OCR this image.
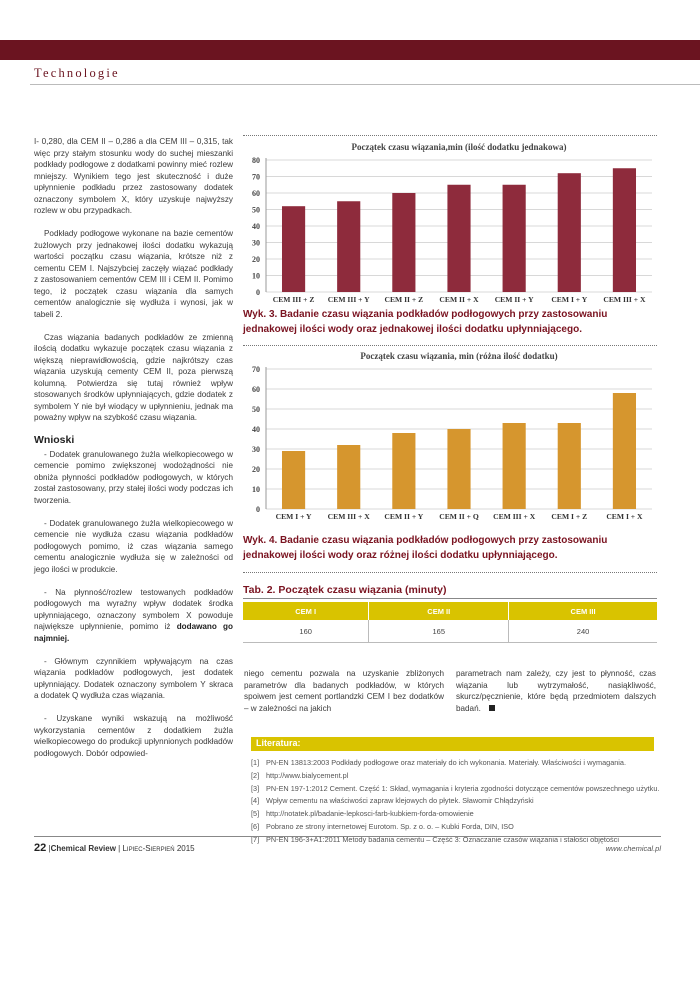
Technologie

I- 0,280, dla CEM II – 0,286 a dla CEM III – 0,315, tak więc przy stałym stosunku wody do suchej mieszanki podkłady podłogowe z dodatkami powinny mieć rozlew mniejszy. Wynikiem tego jest skuteczność i duże upłynnienie podkładu przez zastosowany dodatek oznaczony symbolem X, który uzyskuje najwyższy rozlew w obu przypadkach.

Podkłady podłogowe wykonane na bazie cementów żużlowych przy jednakowej ilości dodatku wykazują wartości początku czasu wiązania, krótsze niż z cementu CEM I. Najszybciej zaczęły wiązać podkłady z zastosowaniem cementów CEM III i CEM II. Pomimo tego, iż początek czasu wiązania dla samych cementów analogicznie się wydłuża i wynosi, jak w tabeli 2.

Czas wiązania badanych podkładów ze zmienną ilością dodatku wykazuje początek czasu wiązania z większą nieprawidłowością, gdzie najkrótszy czas wiązania uzyskują cementy CEM II, poza pierwszą kolumną. Potwierdza się tutaj również wpływ stosowanych środków upłynniających, gdzie dodatek z symbolem Y nie był wiodący w upłynnieniu, jednak ma poważny wpływ na szybkość czasu wiązania.

Wnioski

- Dodatek granulowanego żużla wielkopiecowego w cemencie pomimo zwiększonej wodożądności nie obniża płynności podkładów podłogowych, w których został zastosowany, przy stałej ilości wody podczas ich tworzenia.

- Dodatek granulowanego żużla wielkopiecowego w cemencie nie wydłuża czasu wiązania podkładów podłogowych pomimo, iż czas wiązania samego cementu analogicznie wydłuża się w zależności od jego ilości w produkcie.

- Na płynność/rozlew testowanych podkładów podłogowych ma wyraźny wpływ dodatek środka upłynniającego, oznaczony symbolem X powoduje największe upłynnienie, pomimo iż dodawano go najmniej.

- Głównym czynnikiem wpływającym na czas wiązania podkładów podłogowych, jest dodatek upłynniający. Dodatek oznaczony symbolem Y skraca a dodatek Q wydłuża czas wiązania.

- Uzyskane wyniki wskazują na możliwość wykorzystania cementów z dodatkiem żużla wielkopiecowego do produkcji upłynnionych podkładów podłogowych. Dobór odpowied-

Początek czasu wiązania,min (ilość dodatku jednakowa)
0
10
20
30
40
50
60
70
80
CEM III + Z CEM III + Y CEM II + Z CEM II + X CEM II + Y CEM I + Y CEM III + X
Wyk. 3. Badanie czasu wiązania podkładów podłogowych przy zastosowaniu jednakowej ilości wody oraz jednakowej ilości dodatku upłynniającego.
Początek czasu wiązania, min (różna ilość dodatku)
0
10
20
30
40
50
60
70
CEM I + Y CEM III + X CEM II + Y CEM II + Q CEM III + X CEM I + Z	CEM I + X
Wyk. 4. Badanie czasu wiązania podkładów podłogowych przy zastosowaniu jednakowej ilości wody oraz różnej ilości dodatku upłynniającego.
Tab. 2. Początek czasu wiązania (minuty)
CEM I	CEM II	CEM III
160	165	240

niego cementu pozwala na uzyskanie zbliżonych parametrów dla badanych podkładów, w których spoiwem jest cement portlandzki CEM I bez dodatków – w zależności na jakich

parametrach nam zależy, czy jest to płynność, czas wiązania lub wytrzymałość, nasiąkliwość, skurcz/pęcznienie, które będą przedmiotem dalszych badań.

Literatura:
[1] PN-EN 13813:2003 Podkłady podłogowe oraz materiały do ich wykonania. Materiały. Właściwości i wymagania.
[2] http://www.bialycement.pl
[3] PN-EN 197-1:2012 Cement. Część 1: Skład, wymagania i kryteria zgodności dotyczące cementów powszechnego użytku.
[4] Wpływ cementu na właściwości zapraw klejowych do płytek. Sławomir Chłądzyński
[5] http://notatek.pl/badanie-lepkosci-farb-kubkiem-forda-omowienie
[6] Pobrano ze strony internetowej Eurotom. Sp. z o. o. – Kubki Forda, DIN, ISO
[7] PN-EN 196-3+A1:2011 Metody badania cementu – Część 3: Oznaczanie czasów wiązania i stałości objętości
22 |Chemical Review | Lipiec-Sierpień 2015	www.chemical.pl
